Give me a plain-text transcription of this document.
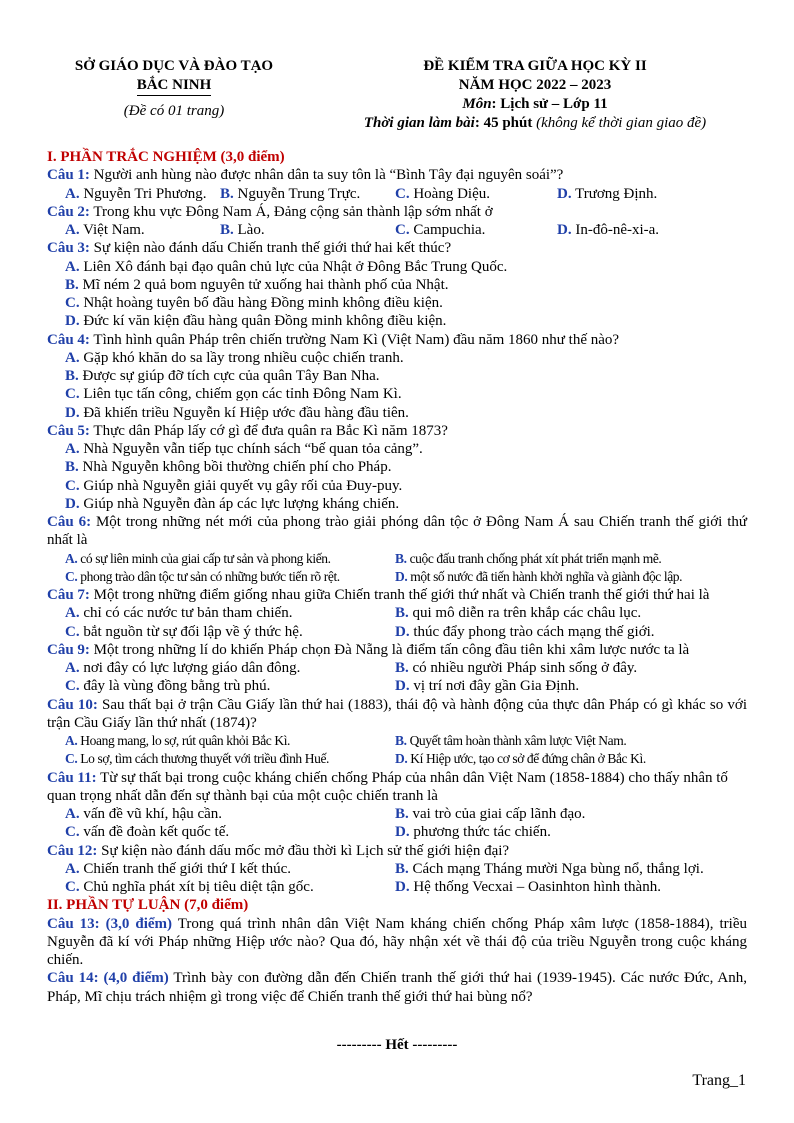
SỞ GIÁO DỤC VÀ ĐÀO TẠO
BẮC NINH
(Đề có 01 trang)
ĐỀ KIỂM TRA GIỮA HỌC KỲ II
NĂM HỌC 2022 – 2023
Môn: Lịch sử – Lớp 11
Thời gian làm bài: 45 phút (không kể thời gian giao đề)
I. PHẦN TRẮC NGHIỆM (3,0 điểm)
Câu 1: Người anh hùng nào được nhân dân ta suy tôn là “Bình Tây đại nguyên soái”?
A. Nguyễn Tri Phương. B. Nguyễn Trung Trực.	C. Hoàng Diệu.	D. Trương Định.
Câu 2: Trong khu vực Đông Nam Á, Đảng cộng sản thành lập sớm nhất ở
A. Việt Nam.	B. Lào.	C. Campuchia.	D. In-đô-nê-xi-a.
Câu 3: Sự kiện nào đánh dấu Chiến tranh thế giới thứ hai kết thúc?
A. Liên Xô đánh bại đạo quân chủ lực của Nhật ở Đông Bắc Trung Quốc.
B. Mĩ ném 2 quả bom nguyên tử xuống hai thành phố của Nhật.
C. Nhật hoàng tuyên bố đầu hàng Đồng minh không điều kiện.
D. Đức kí văn kiện đầu hàng quân Đồng minh không điều kiện.
Câu 4: Tình hình quân Pháp trên chiến trường Nam Kì (Việt Nam) đầu năm 1860 như thế nào?
A. Gặp khó khăn do sa lầy trong nhiều cuộc chiến tranh.
B. Được sự giúp đỡ tích cực của quân Tây Ban Nha.
C. Liên tục tấn công, chiếm gọn các tỉnh Đông Nam Kì.
D. Đã khiến triều Nguyễn kí Hiệp ước đầu hàng đầu tiên.
Câu 5: Thực dân Pháp lấy cớ gì để đưa quân ra Bắc Kì năm 1873?
A. Nhà Nguyễn vẫn tiếp tục chính sách “bế quan tỏa cảng”.
B. Nhà Nguyễn không bồi thường chiến phí cho Pháp.
C. Giúp nhà Nguyễn giải quyết vụ gây rối của Đuy-puy.
D. Giúp nhà Nguyễn đàn áp các lực lượng kháng chiến.
Câu 6: Một trong những nét mới của phong trào giải phóng dân tộc ở Đông Nam Á sau Chiến tranh thế giới thứ nhất là
A. có sự liên minh của giai cấp tư sản và phong kiến.	B. cuộc đấu tranh chống phát xít phát triển mạnh mẽ.
C. phong trào dân tộc tư sản có những bước tiến rõ rệt.	D. một số nước đã tiến hành khởi nghĩa và giành độc lập.
Câu 7: Một trong những điểm giống nhau giữa Chiến tranh thế giới thứ nhất và Chiến tranh thế giới thứ hai là
A. chỉ có các nước tư bản tham chiến.	B. qui mô diễn ra trên khắp các châu lục.
C. bắt nguồn từ sự đối lập về ý thức hệ.	D. thúc đẩy phong trào cách mạng thế giới.
Câu 9: Một trong những lí do khiến Pháp chọn Đà Nẵng là điểm tấn công đầu tiên khi xâm lược nước ta là
A. nơi đây có lực lượng giáo dân đông.	B. có nhiều người Pháp sinh sống ở đây.
C. đây là vùng đồng bằng trù phú.	D. vị trí nơi đây gần Gia Định.
Câu 10: Sau thất bại ở trận Cầu Giấy lần thứ hai (1883), thái độ và hành động của thực dân Pháp có gì khác so với trận Cầu Giấy lần thứ nhất (1874)?
A. Hoang mang, lo sợ, rút quân khỏi Bắc Kì.	B. Quyết tâm hoàn thành xâm lược Việt Nam.
C. Lo sợ, tìm cách thương thuyết với triều đình Huế.	D. Kí Hiệp ước, tạo cơ sở để đứng chân ở Bắc Kì.
Câu 11: Từ sự thất bại trong cuộc kháng chiến chống Pháp của nhân dân Việt Nam (1858-1884) cho thấy nhân tố quan trọng nhất dẫn đến sự thành bại của một cuộc chiến tranh là
A. vấn đề vũ khí, hậu cần.	B. vai trò của giai cấp lãnh đạo.
C. vấn đề đoàn kết quốc tế.	D. phương thức tác chiến.
Câu 12: Sự kiện nào đánh dấu mốc mở đầu thời kì Lịch sử thế giới hiện đại?
A. Chiến tranh thế giới thứ I kết thúc.	B. Cách mạng Tháng mười Nga bùng nổ, thắng lợi.
C. Chủ nghĩa phát xít bị tiêu diệt tận gốc.	D. Hệ thống Vecxai – Oasinhton hình thành.
II. PHẦN TỰ LUẬN (7,0 điểm)
Câu 13: (3,0 điểm) Trong quá trình nhân dân Việt Nam kháng chiến chống Pháp xâm lược (1858-1884), triều Nguyễn đã kí với Pháp những Hiệp ước nào? Qua đó, hãy nhận xét về thái độ của triều Nguyễn trong cuộc kháng chiến.
Câu 14: (4,0 điểm) Trình bày con đường dẫn đến Chiến tranh thế giới thứ hai (1939-1945). Các nước Đức, Anh, Pháp, Mĩ chịu trách nhiệm gì trong việc để Chiến tranh thế giới thứ hai bùng nổ?
--------- Hết ---------
Trang_1
